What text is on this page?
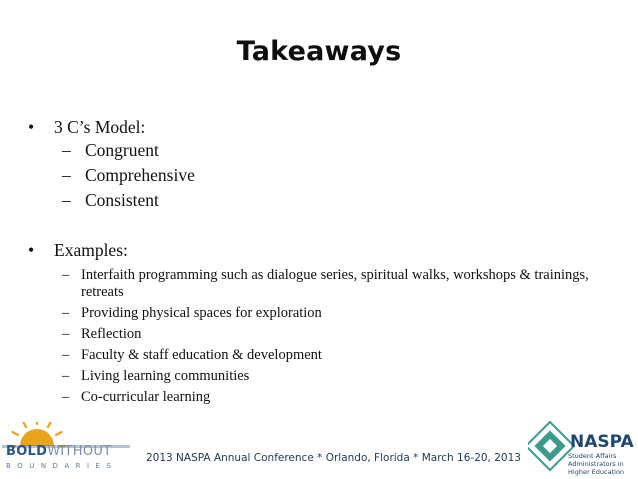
Takeaways
• 3 C’s Model:
– Congruent
– Comprehensive
– Consistent
• Examples:
– Interfaith programming such as dialogue series, spiritual walks, workshops & trainings, retreats
– Providing physical spaces for exploration
– Reflection
– Faculty & staff education & development
– Living learning communities
– Co-curricular learning
BOLDWITHOUT
BOUNDARIES
2013 NASPA Annual Conference * Orlando, Florida * March 16-20, 2013
NASPA
Student Affairs Administrators in Higher Education
